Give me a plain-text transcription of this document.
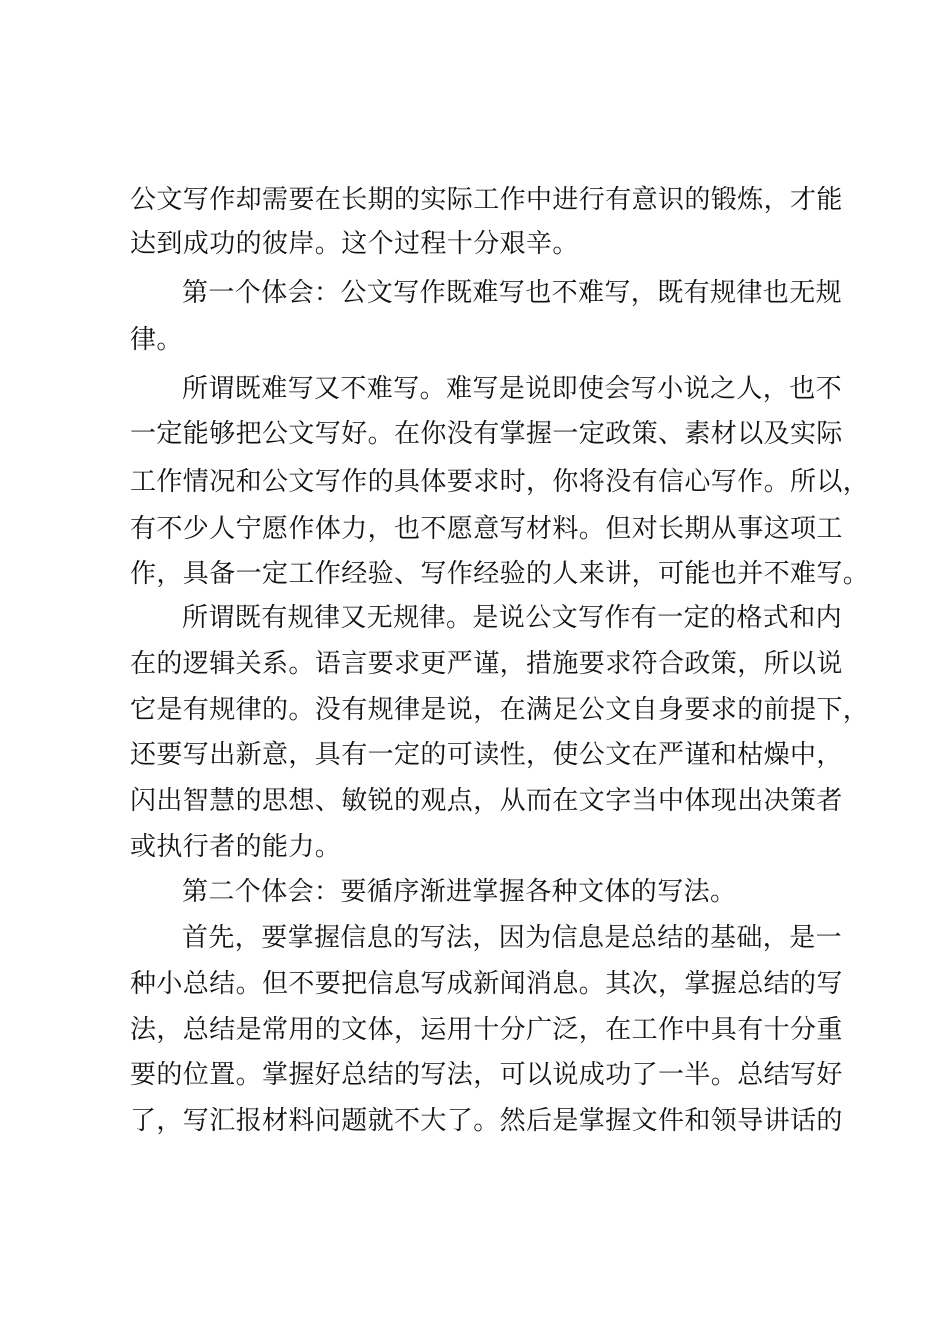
公文写作却需要在长期的实际工作中进行有意识的锻炼，才能
达到成功的彼岸。这个过程十分艰辛。
第一个体会：公文写作既难写也不难写，既有规律也无规
律。
所谓既难写又不难写。难写是说即使会写小说之人，也不
一定能够把公文写好。在你没有掌握一定政策、素材以及实际
工作情况和公文写作的具体要求时，你将没有信心写作。所以，
有不少人宁愿作体力，也不愿意写材料。但对长期从事这项工
作，具备一定工作经验、写作经验的人来讲，可能也并不难写。
所谓既有规律又无规律。是说公文写作有一定的格式和内
在的逻辑关系。语言要求更严谨，措施要求符合政策，所以说
它是有规律的。没有规律是说，在满足公文自身要求的前提下，
还要写出新意，具有一定的可读性，使公文在严谨和枯燥中，
闪出智慧的思想、敏锐的观点，从而在文字当中体现出决策者
或执行者的能力。
第二个体会：要循序渐进掌握各种文体的写法。
首先，要掌握信息的写法，因为信息是总结的基础，是一
种小总结。但不要把信息写成新闻消息。其次，掌握总结的写
法，总结是常用的文体，运用十分广泛，在工作中具有十分重
要的位置。掌握好总结的写法，可以说成功了一半。总结写好
了，写汇报材料问题就不大了。然后是掌握文件和领导讲话的
